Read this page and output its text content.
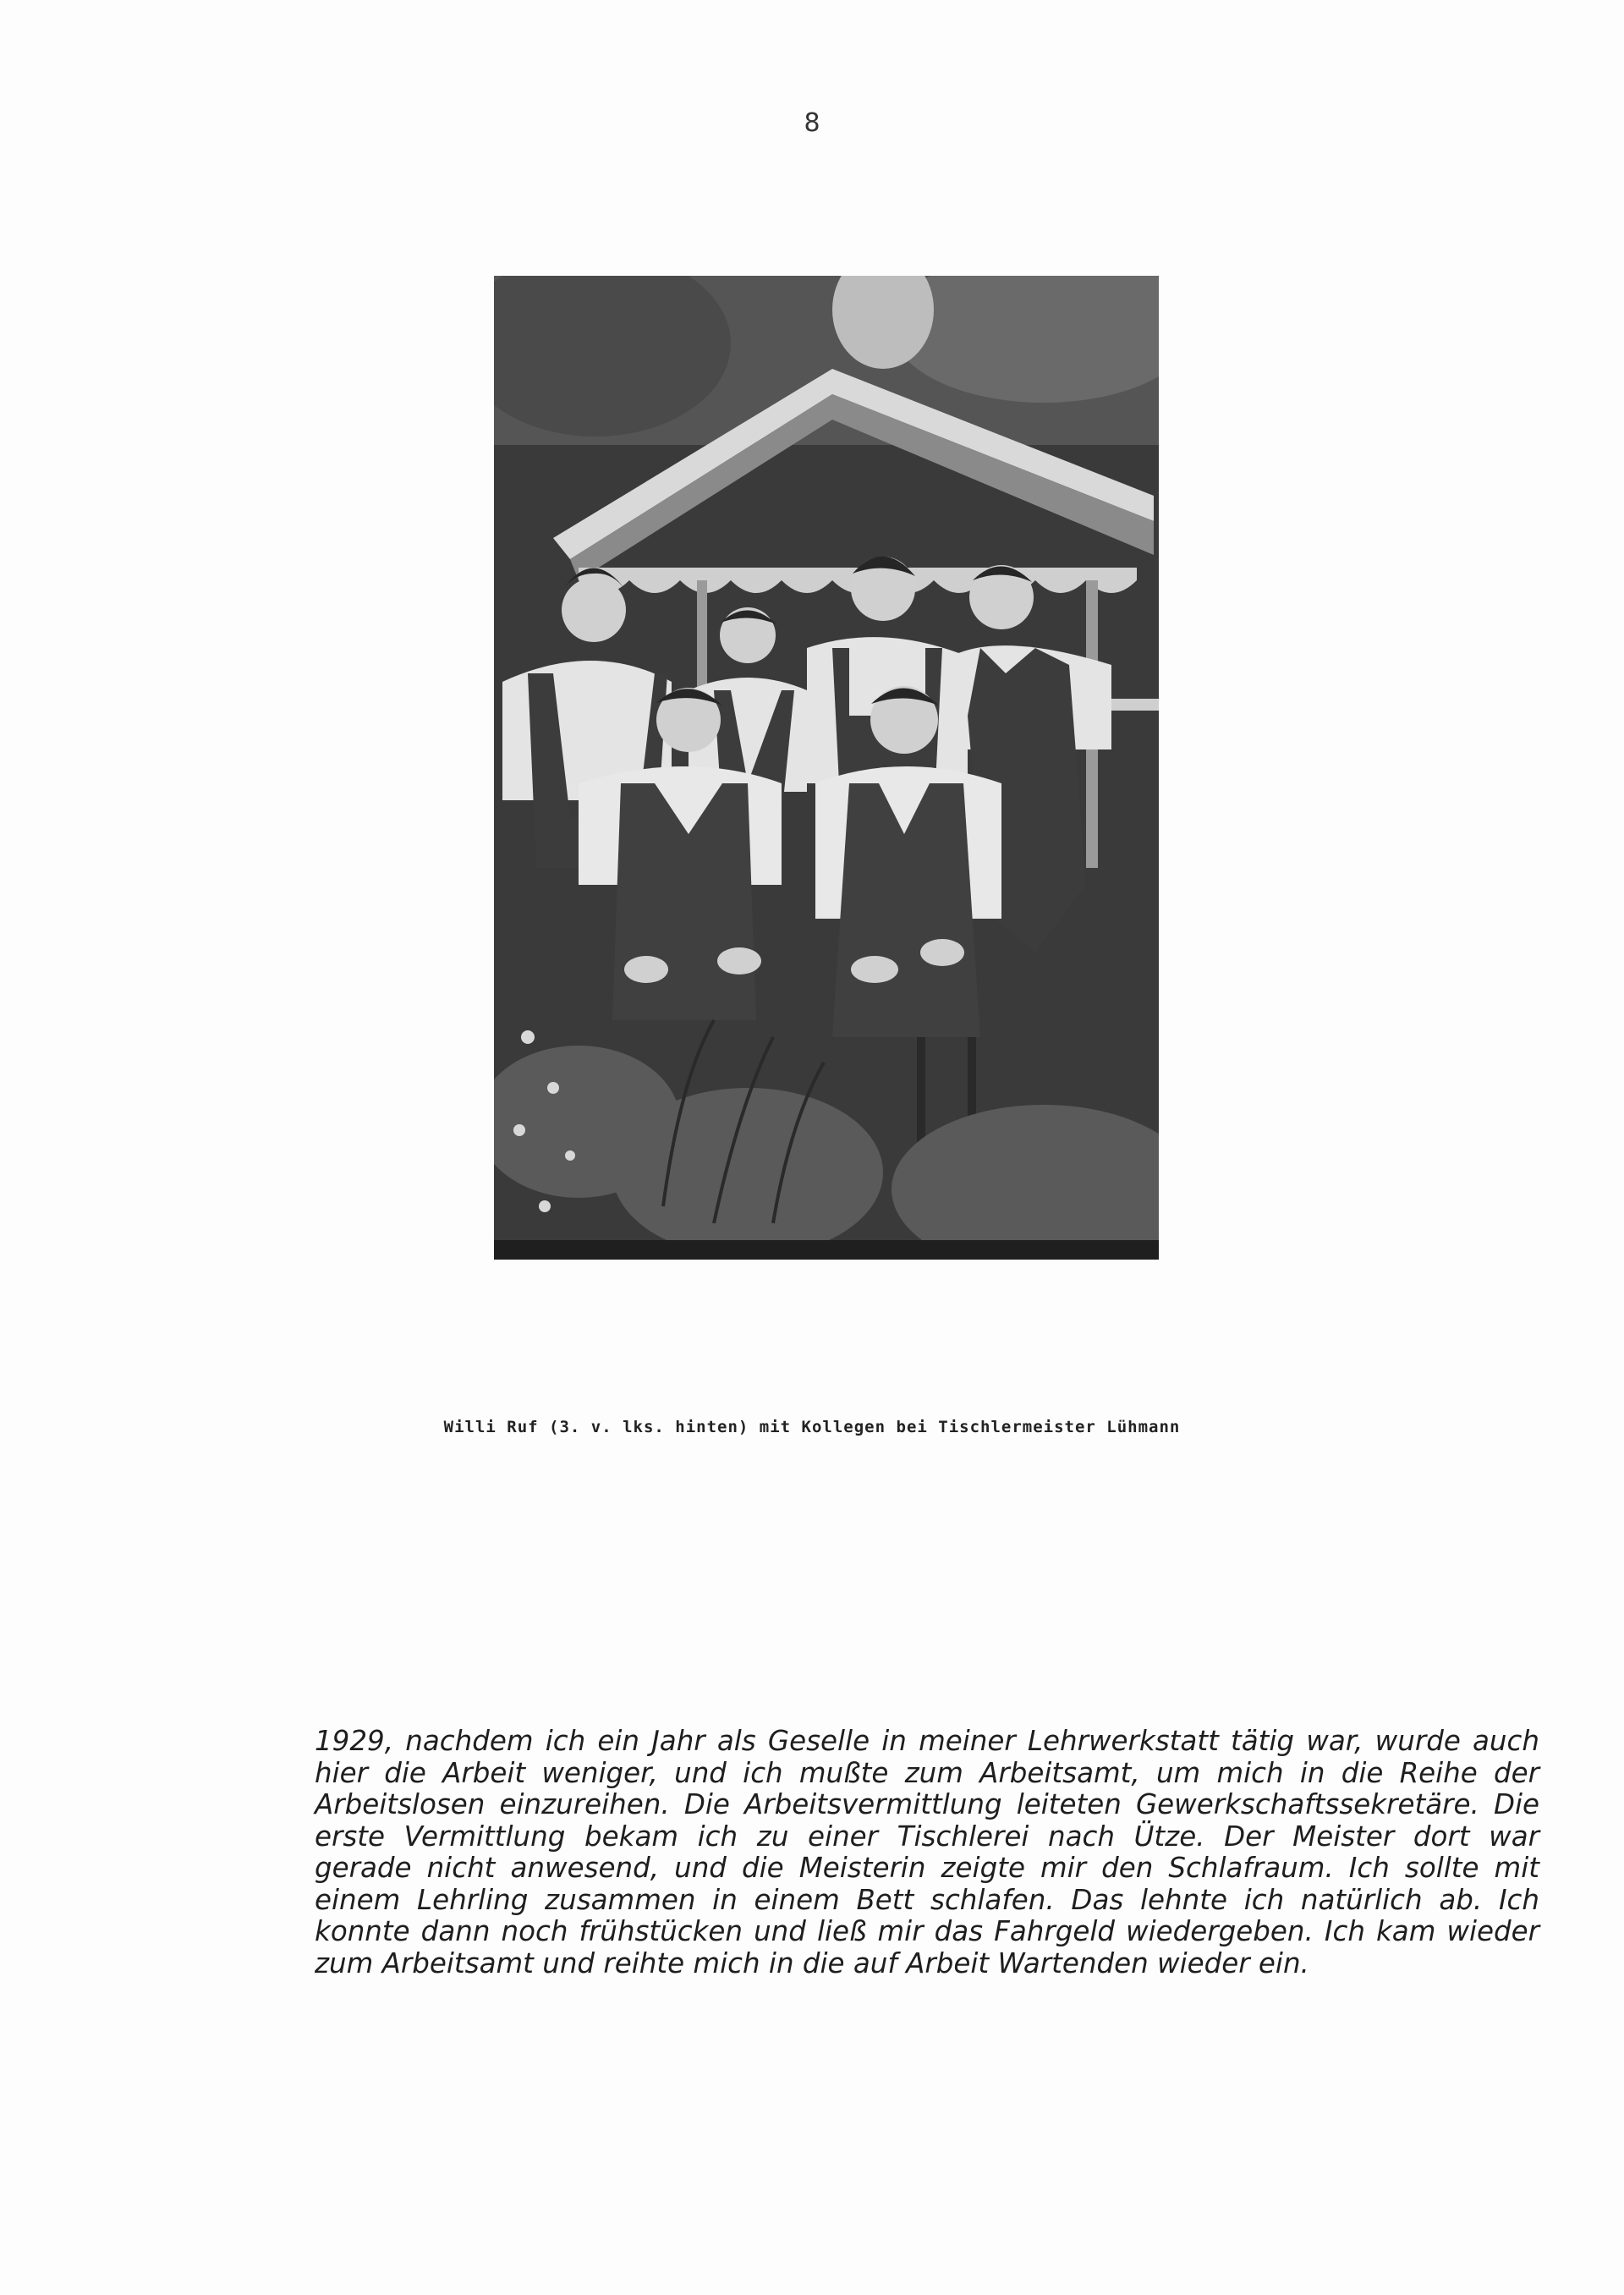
8
Willi Ruf (3. v. lks. hinten) mit Kollegen bei Tischlermeister Lühmann
1929, nachdem ich ein Jahr als Geselle in meiner Lehrwerkstatt tätig war, wurde auch
hier die Arbeit weniger, und ich mußte zum Arbeitsamt, um mich in die Reihe der
Arbeitslosen einzureihen. Die Arbeitsvermittlung leiteten Gewerkschaftssekretäre. Die
erste Vermittlung bekam ich zu einer Tischlerei nach Ütze. Der Meister dort war
gerade nicht anwesend, und die Meisterin zeigte mir den Schlafraum. Ich sollte mit
einem Lehrling zusammen in einem Bett schlafen. Das lehnte ich natürlich ab. Ich
konnte dann noch frühstücken und ließ mir das Fahrgeld wiedergeben. Ich kam wieder
zum Arbeitsamt und reihte mich in die auf Arbeit Wartenden wieder ein.
